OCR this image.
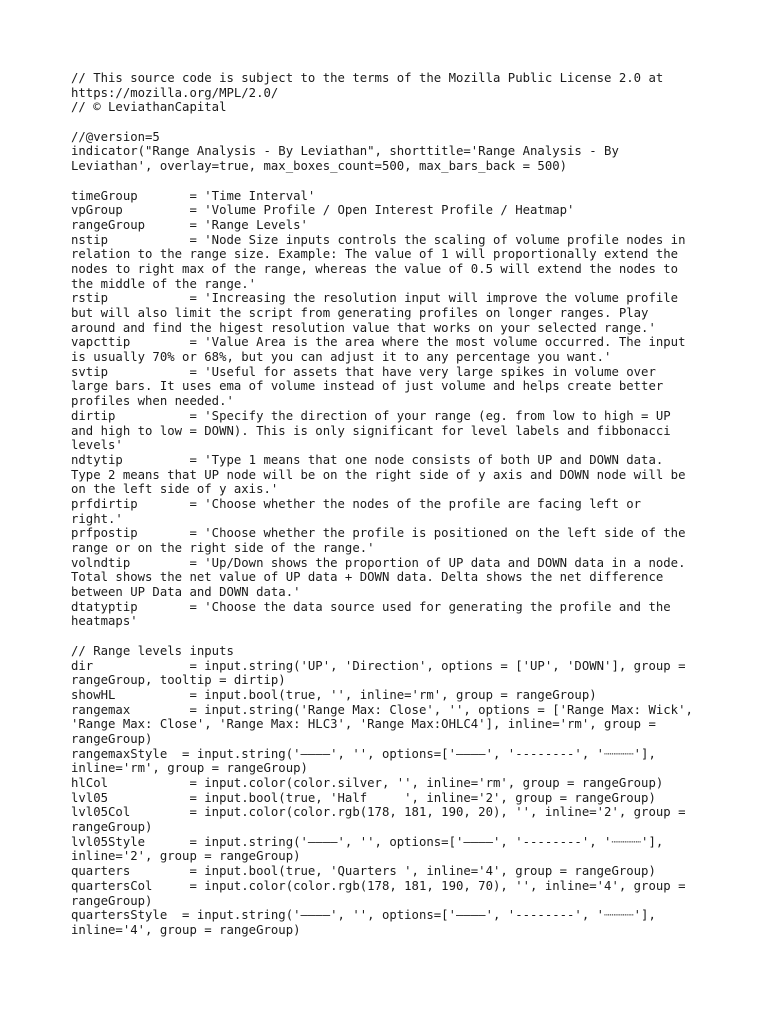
// This source code is subject to the terms of the Mozilla Public License 2.0 at
https://mozilla.org/MPL/2.0/
// © LeviathanCapital
//@version=5
indicator("Range Analysis - By Leviathan", shorttitle='Range Analysis - By
Leviathan', overlay=true, max_boxes_count=500, max_bars_back = 500)
timeGroup       = 'Time Interval'
vpGroup         = 'Volume Profile / Open Interest Profile / Heatmap'
rangeGroup      = 'Range Levels'
nstip           = 'Node Size inputs controls the scaling of volume profile nodes in
relation to the range size. Example: The value of 1 will proportionally extend the
nodes to right max of the range, whereas the value of 0.5 will extend the nodes to
the middle of the range.'
rstip           = 'Increasing the resolution input will improve the volume profile
but will also limit the script from generating profiles on longer ranges. Play
around and find the higest resolution value that works on your selected range.'
vapcttip        = 'Value Area is the area where the most volume occurred. The input
is usually 70% or 68%, but you can adjust it to any percentage you want.'
svtip           = 'Useful for assets that have very large spikes in volume over
large bars. It uses ema of volume instead of just volume and helps create better
profiles when needed.'
dirtip          = 'Specify the direction of your range (eg. from low to high = UP
and high to low = DOWN). This is only significant for level labels and fibbonacci
levels'
ndtytip         = 'Type 1 means that one node consists of both UP and DOWN data.
Type 2 means that UP node will be on the right side of y axis and DOWN node will be
on the left side of y axis.'
prfdirtip       = 'Choose whether the nodes of the profile are facing left or
right.'
prfpostip       = 'Choose whether the profile is positioned on the left side of the
range or on the right side of the range.'
volndtip        = 'Up/Down shows the proportion of UP data and DOWN data in a node.
Total shows the net value of UP data + DOWN data. Delta shows the net difference
between UP Data and DOWN data.'
dtatyptip       = 'Choose the data source used for generating the profile and the
heatmaps'
// Range levels inputs
dir             = input.string('UP', 'Direction', options = ['UP', 'DOWN'], group =
rangeGroup, tooltip = dirtip)
showHL          = input.bool(true, '', inline='rm', group = rangeGroup)
rangemax        = input.string('Range Max: Close', '', options = ['Range Max: Wick',
'Range Max: Close', 'Range Max: HLC3', 'Range Max:OHLC4'], inline='rm', group =
rangeGroup)
rangemaxStyle  = input.string('————', '', options=['————', '--------', '┈┈┈┈'],
inline='rm', group = rangeGroup)
hlCol           = input.color(color.silver, '', inline='rm', group = rangeGroup)
lvl05           = input.bool(true, 'Half     ', inline='2', group = rangeGroup)
lvl05Col        = input.color(color.rgb(178, 181, 190, 20), '', inline='2', group =
rangeGroup)
lvl05Style      = input.string('————', '', options=['————', '--------', '┈┈┈┈'],
inline='2', group = rangeGroup)
quarters        = input.bool(true, 'Quarters ', inline='4', group = rangeGroup)
quartersCol     = input.color(color.rgb(178, 181, 190, 70), '', inline='4', group =
rangeGroup)
quartersStyle  = input.string('————', '', options=['————', '--------', '┈┈┈┈'],
inline='4', group = rangeGroup)
